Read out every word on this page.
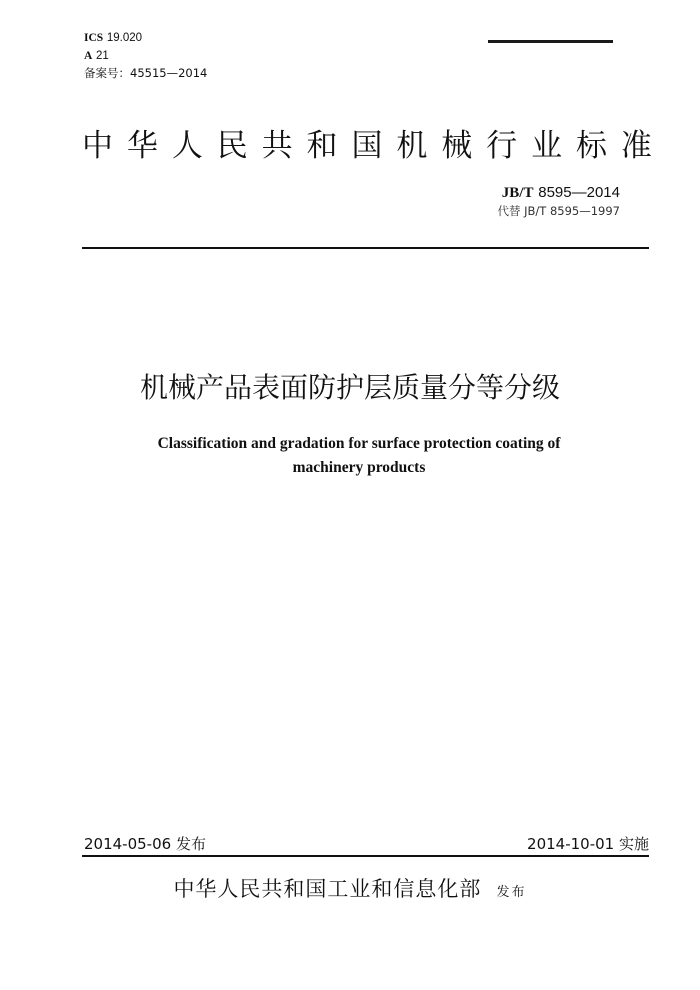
ICS 19.020
A 21
备案号：45515—2014
中 华 人 民 共 和 国 机 械 行 业 标 准
JB/T 8595—2014
代替 JB/T 8595—1997
机械产品表面防护层质量分等分级
Classification and gradation for surface protection coating of
machinery products
2014-05-06 发布	2014-10-01 实施
中华人民共和国工业和信息化部 发布
